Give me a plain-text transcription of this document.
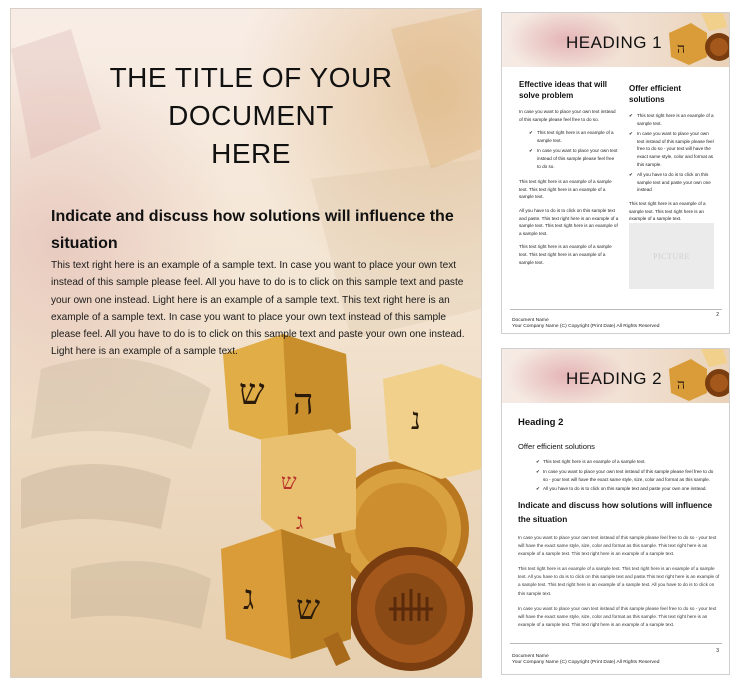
ש ה	נ
ש
ג
ג ש
THE TITLE OF YOUR
DOCUMENT
HERE
Indicate and discuss how solutions will influence the situation

This text right here is an example of a sample text. In case you want to place your own text instead of this sample please feel. All you have to do is to click on this sample text and paste your own one instead. Light here is an example of a sample text. This text right here is an example of a sample text. In case you want to place your own text instead of this sample please feel. All you have to do is to click on this sample text and paste your own one instead. Light here is an example of a sample text.

HEADING 1 ה
Effective ideas that will solve problem

In case you want to place your own text instead of this sample please feel free to do so.

✔ This text right here is an example of a sample text.
✔ In case you want to place your own text instead of this sample please feel free to do so.

This text right here is an example of a sample text. This text right here is an example of a sample text.

All you have to do is to click on this sample text and paste. This text right here is an example of a sample text. This text right here is an example of a sample text.

This text right here is an example of a sample text. This text right here is an example of a sample text.

Offer efficient solutions
✔ This text right here is an example of a sample text.
✔ In case you want to place your own text instead of this sample please feel free to do so - your text will have the exact same style, color and format as this sample.
✔ All you have to do is to click on this sample text and paste your own one instead

This text right here is an example of a sample text. This text right here is an example of a sample text.

PICTURE
Document Name
Your Company Name (C) Copyright (Print Date) All Rights Reserved
2
HEADING 2 ה
Heading 2
Offer efficient solutions
✔ This text right here is an example of a sample text.
✔ In case you want to place your own text instead of this sample please feel free to do so - your text will have the exact same style, size, color and format as this sample.
✔ All you have to do is to click on this sample text and paste your own one instead.
Indicate and discuss how solutions will influence the situation

In case you want to place your own text instead of this sample please feel free to do so - your text will have the exact same style, size, color and format as this sample. This text right here is an example of a sample text. This text right here is an example of a sample text.

This text right here is an example of a sample text. This text right here is an example of a sample text. All you have to do is to click on this sample text and paste.This text right here is an example of a sample text. This text right here is an example of a sample text. All you have to do is to click on this sample text.

In case you want to place your own text instead of this sample please feel free to do so - your text will have the exact same style, size, color and format as this sample. This text right here is an example of a sample text. This text right here is an example of a sample text.

Document Name
Your Company Name (C) Copyright (Print Date) All Rights Reserved
3
